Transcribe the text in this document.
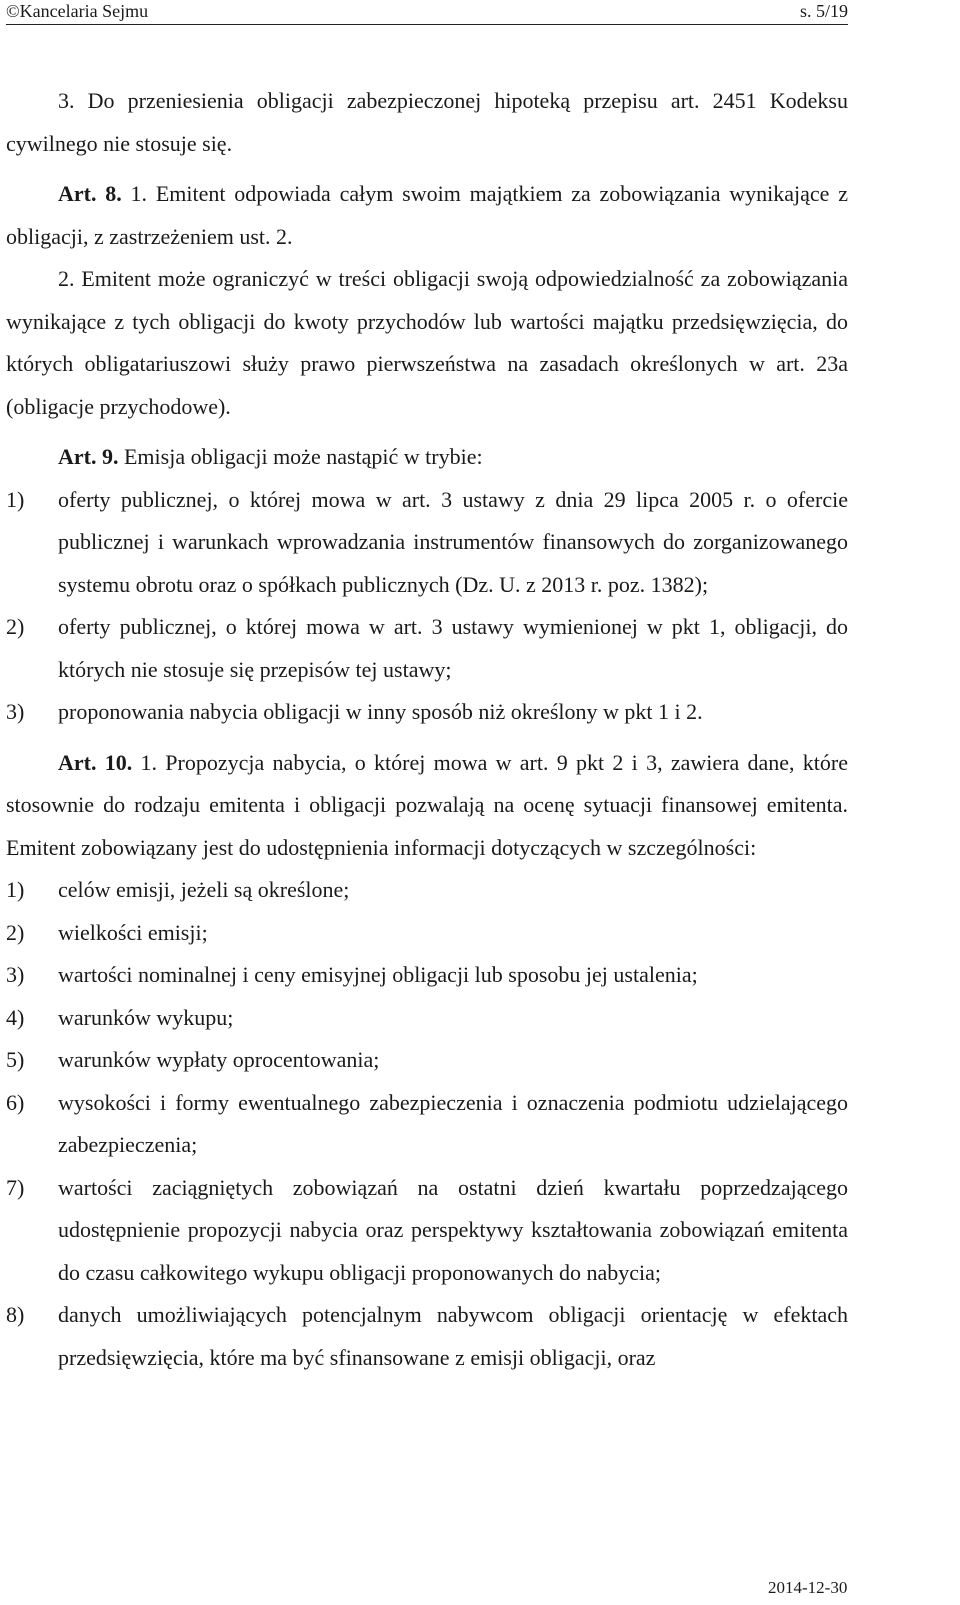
©Kancelaria Sejmu	s. 5/19

3. Do przeniesienia obligacji zabezpieczonej hipoteką przepisu art. 2451 Kodeksu cywilnego nie stosuje się.

Art. 8. 1. Emitent odpowiada całym swoim majątkiem za zobowiązania wynikające z obligacji, z zastrzeżeniem ust. 2.

2. Emitent może ograniczyć w treści obligacji swoją odpowiedzialność za zobowiązania wynikające z tych obligacji do kwoty przychodów lub wartości majątku przedsięwzięcia, do których obligatariuszowi służy prawo pierwszeństwa na zasadach określonych w art. 23a (obligacje przychodowe).

Art. 9. Emisja obligacji może nastąpić w trybie:

1)	oferty publicznej, o której mowa w art. 3 ustawy z dnia 29 lipca 2005 r. o ofercie publicznej i warunkach wprowadzania instrumentów finansowych do zorganizowanego systemu obrotu oraz o spółkach publicznych (Dz. U. z 2013 r. poz. 1382);
2)	oferty publicznej, o której mowa w art. 3 ustawy wymienionej w pkt 1, obligacji, do których nie stosuje się przepisów tej ustawy;
3)	proponowania nabycia obligacji w inny sposób niż określony w pkt 1 i 2.

Art. 10. 1. Propozycja nabycia, o której mowa w art. 9 pkt 2 i 3, zawiera dane, które stosownie do rodzaju emitenta i obligacji pozwalają na ocenę sytuacji finansowej emitenta. Emitent zobowiązany jest do udostępnienia informacji dotyczących w szczególności:

1)	celów emisji, jeżeli są określone;
2)	wielkości emisji;
3)	wartości nominalnej i ceny emisyjnej obligacji lub sposobu jej ustalenia;
4)	warunków wykupu;
5)	warunków wypłaty oprocentowania;
6)	wysokości i formy ewentualnego zabezpieczenia i oznaczenia podmiotu udzielającego zabezpieczenia;
7)	wartości zaciągniętych zobowiązań na ostatni dzień kwartału poprzedzającego udostępnienie propozycji nabycia oraz perspektywy kształtowania zobowiązań emitenta do czasu całkowitego wykupu obligacji proponowanych do nabycia;
8)	danych umożliwiających potencjalnym nabywcom obligacji orientację w efektach przedsięwzięcia, które ma być sfinansowane z emisji obligacji, oraz
2014-12-30
